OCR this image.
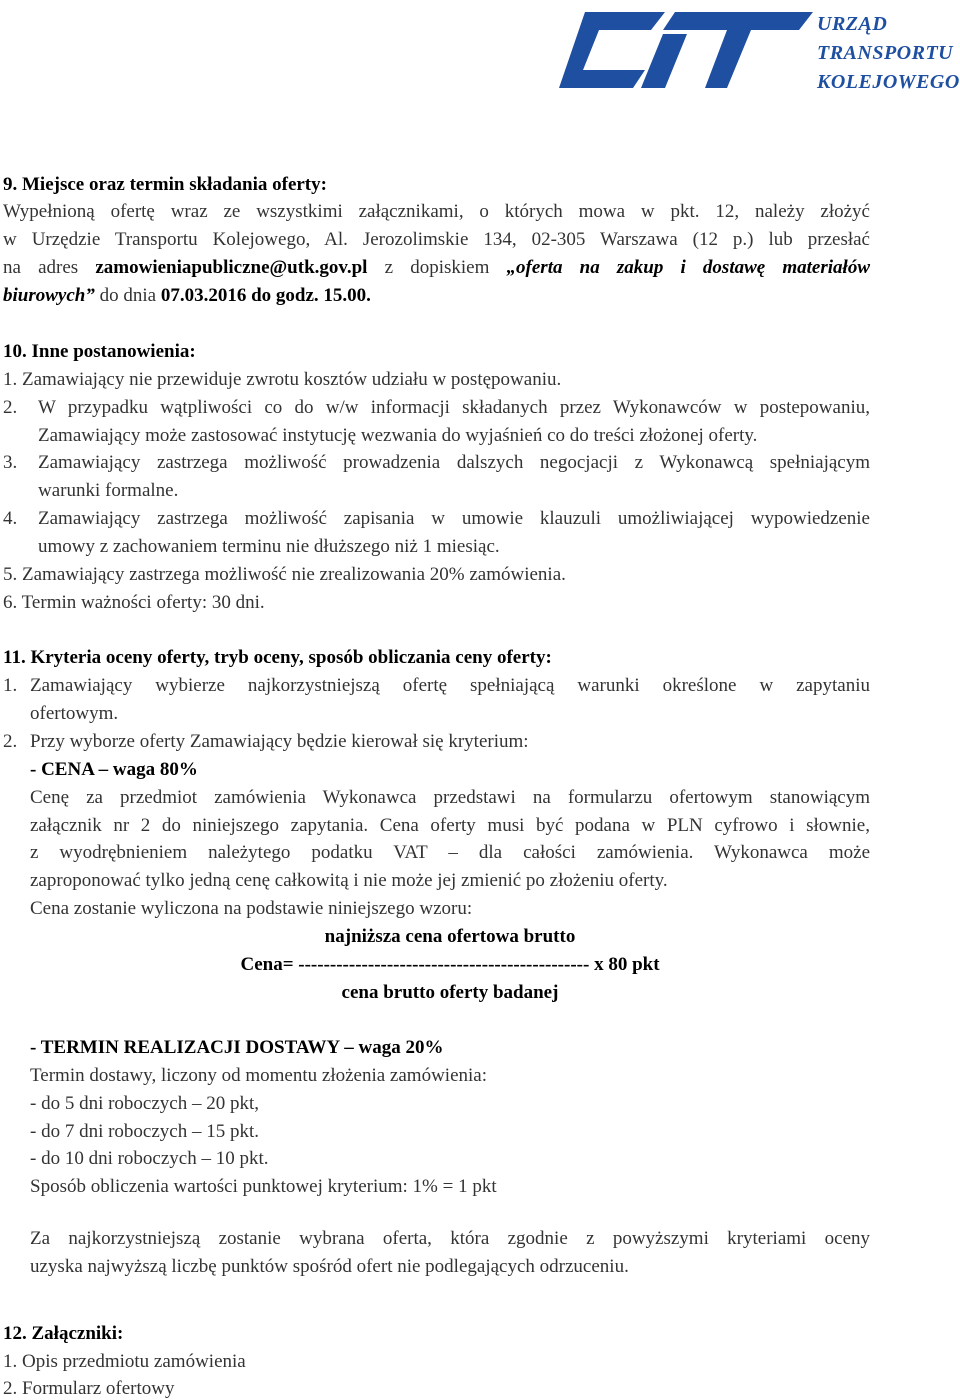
URZĄD
TRANSPORTU
KOLEJOWEGO
9. Miejsce oraz termin składania oferty:
Wypełnioną ofertę wraz ze wszystkimi załącznikami, o których mowa w pkt. 12, należy złożyć
w Urzędzie Transportu Kolejowego, Al. Jerozolimskie 134, 02-305 Warszawa (12 p.) lub przesłać
na adres zamowieniapubliczne@utk.gov.pl z dopiskiem „oferta na zakup i dostawę materiałów
biurowych” do dnia 07.03.2016 do godz. 15.00.
10. Inne postanowienia:
1. Zamawiający nie przewiduje zwrotu kosztów udziału w postępowaniu.
2. W przypadku wątpliwości co do w/w informacji składanych przez Wykonawców w postepowaniu,
Zamawiający może zastosować instytucję wezwania do wyjaśnień co do treści złożonej oferty.
3. Zamawiający zastrzega możliwość prowadzenia dalszych negocjacji z Wykonawcą spełniającym
warunki formalne.
4. Zamawiający zastrzega możliwość zapisania w umowie klauzuli umożliwiającej wypowiedzenie
umowy z zachowaniem terminu nie dłuższego niż 1 miesiąc.
5. Zamawiający zastrzega możliwość nie zrealizowania 20% zamówienia.
6. Termin ważności oferty: 30 dni.
11. Kryteria oceny oferty, tryb oceny, sposób obliczania ceny oferty:
1. Zamawiający wybierze najkorzystniejszą ofertę spełniającą warunki określone w zapytaniu
ofertowym.
2. Przy wyborze oferty Zamawiający będzie kierował się kryterium:
- CENA – waga 80%
Cenę za przedmiot zamówienia Wykonawca przedstawi na formularzu ofertowym stanowiącym
załącznik nr 2 do niniejszego zapytania. Cena oferty musi być podana w PLN cyfrowo i słownie,
z wyodrębnieniem należytego podatku VAT – dla całości zamówienia. Wykonawca może
zaproponować tylko jedną cenę całkowitą i nie może jej zmienić po złożeniu oferty.
Cena zostanie wyliczona na podstawie niniejszego wzoru:
najniższa cena ofertowa brutto
Cena= ---------------------------------------------- x 80 pkt
cena brutto oferty badanej
- TERMIN REALIZACJI DOSTAWY – waga 20%
Termin dostawy, liczony od momentu złożenia zamówienia:
- do 5 dni roboczych – 20 pkt,
- do 7 dni roboczych – 15 pkt.
- do 10 dni roboczych – 10 pkt.
Sposób obliczenia wartości punktowej kryterium: 1% = 1 pkt
Za najkorzystniejszą zostanie wybrana oferta, która zgodnie z powyższymi kryteriami oceny
uzyska najwyższą liczbę punktów spośród ofert nie podlegających odrzuceniu.
12. Załączniki:
1. Opis przedmiotu zamówienia
2. Formularz ofertowy
